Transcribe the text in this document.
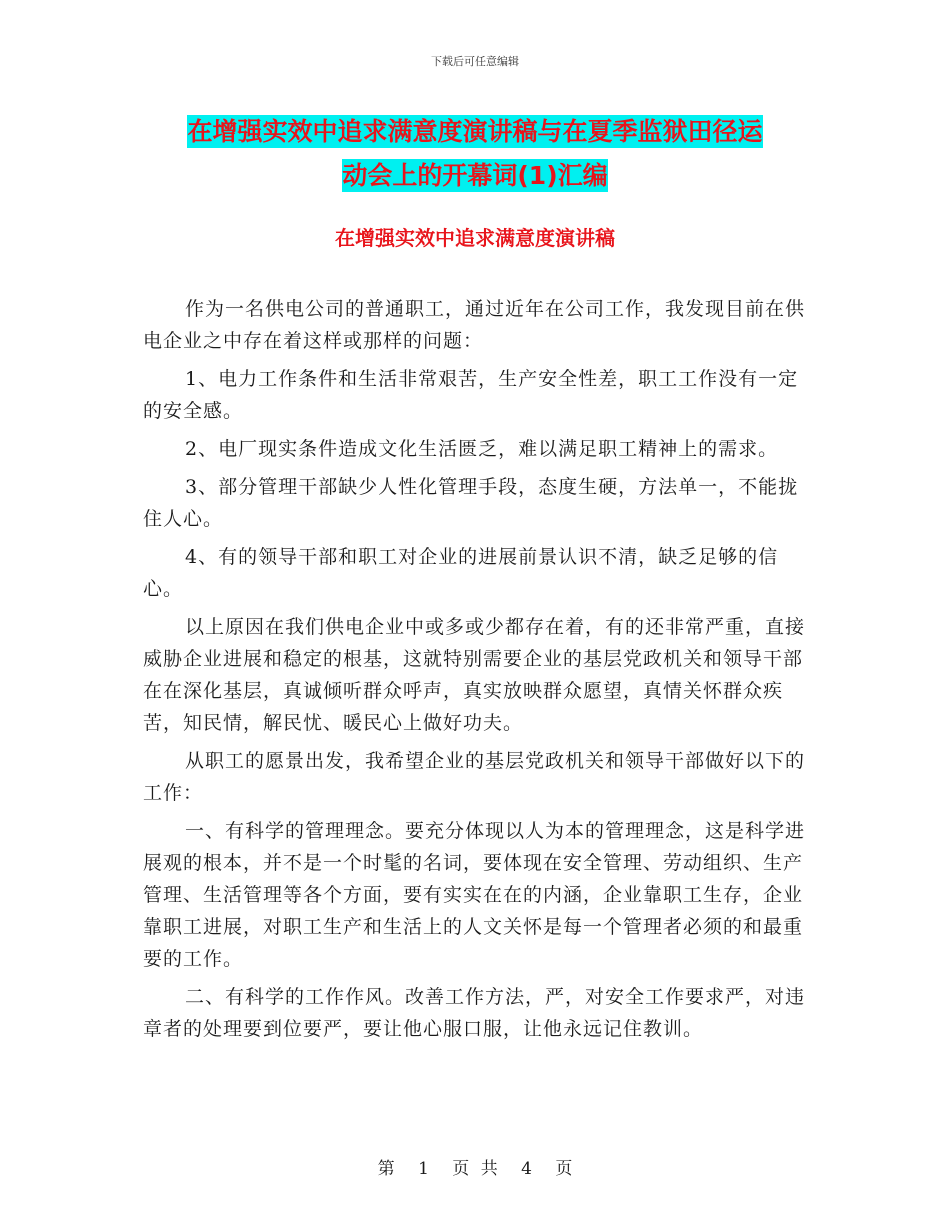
下载后可任意编辑
在增强实效中追求满意度演讲稿与在夏季监狱田径运
动会上的开幕词(1)汇编
在增强实效中追求满意度演讲稿

作为一名供电公司的普通职工，通过近年在公司工作，我发现目前在供电企业之中存在着这样或那样的问题：

1、电力工作条件和生活非常艰苦，生产安全性差，职工工作没有一定的安全感。

2、电厂现实条件造成文化生活匮乏，难以满足职工精神上的需求。

3、部分管理干部缺少人性化管理手段，态度生硬，方法单一，不能拢住人心。

4、有的领导干部和职工对企业的进展前景认识不清，缺乏足够的信心。

以上原因在我们供电企业中或多或少都存在着，有的还非常严重，直接威胁企业进展和稳定的根基，这就特别需要企业的基层党政机关和领导干部在在深化基层，真诚倾听群众呼声，真实放映群众愿望，真情关怀群众疾苦，知民情，解民忧、暖民心上做好功夫。

从职工的愿景出发，我希望企业的基层党政机关和领导干部做好以下的工作：

一、有科学的管理理念。要充分体现以人为本的管理理念，这是科学进展观的根本，并不是一个时髦的名词，要体现在安全管理、劳动组织、生产管理、生活管理等各个方面，要有实实在在的内涵，企业靠职工生存，企业靠职工进展，对职工生产和生活上的人文关怀是每一个管理者必须的和最重要的工作。

二、有科学的工作作风。改善工作方法，严，对安全工作要求严，对违章者的处理要到位要严，要让他心服口服，让他永远记住教训。

第 1 页 共 4 页
